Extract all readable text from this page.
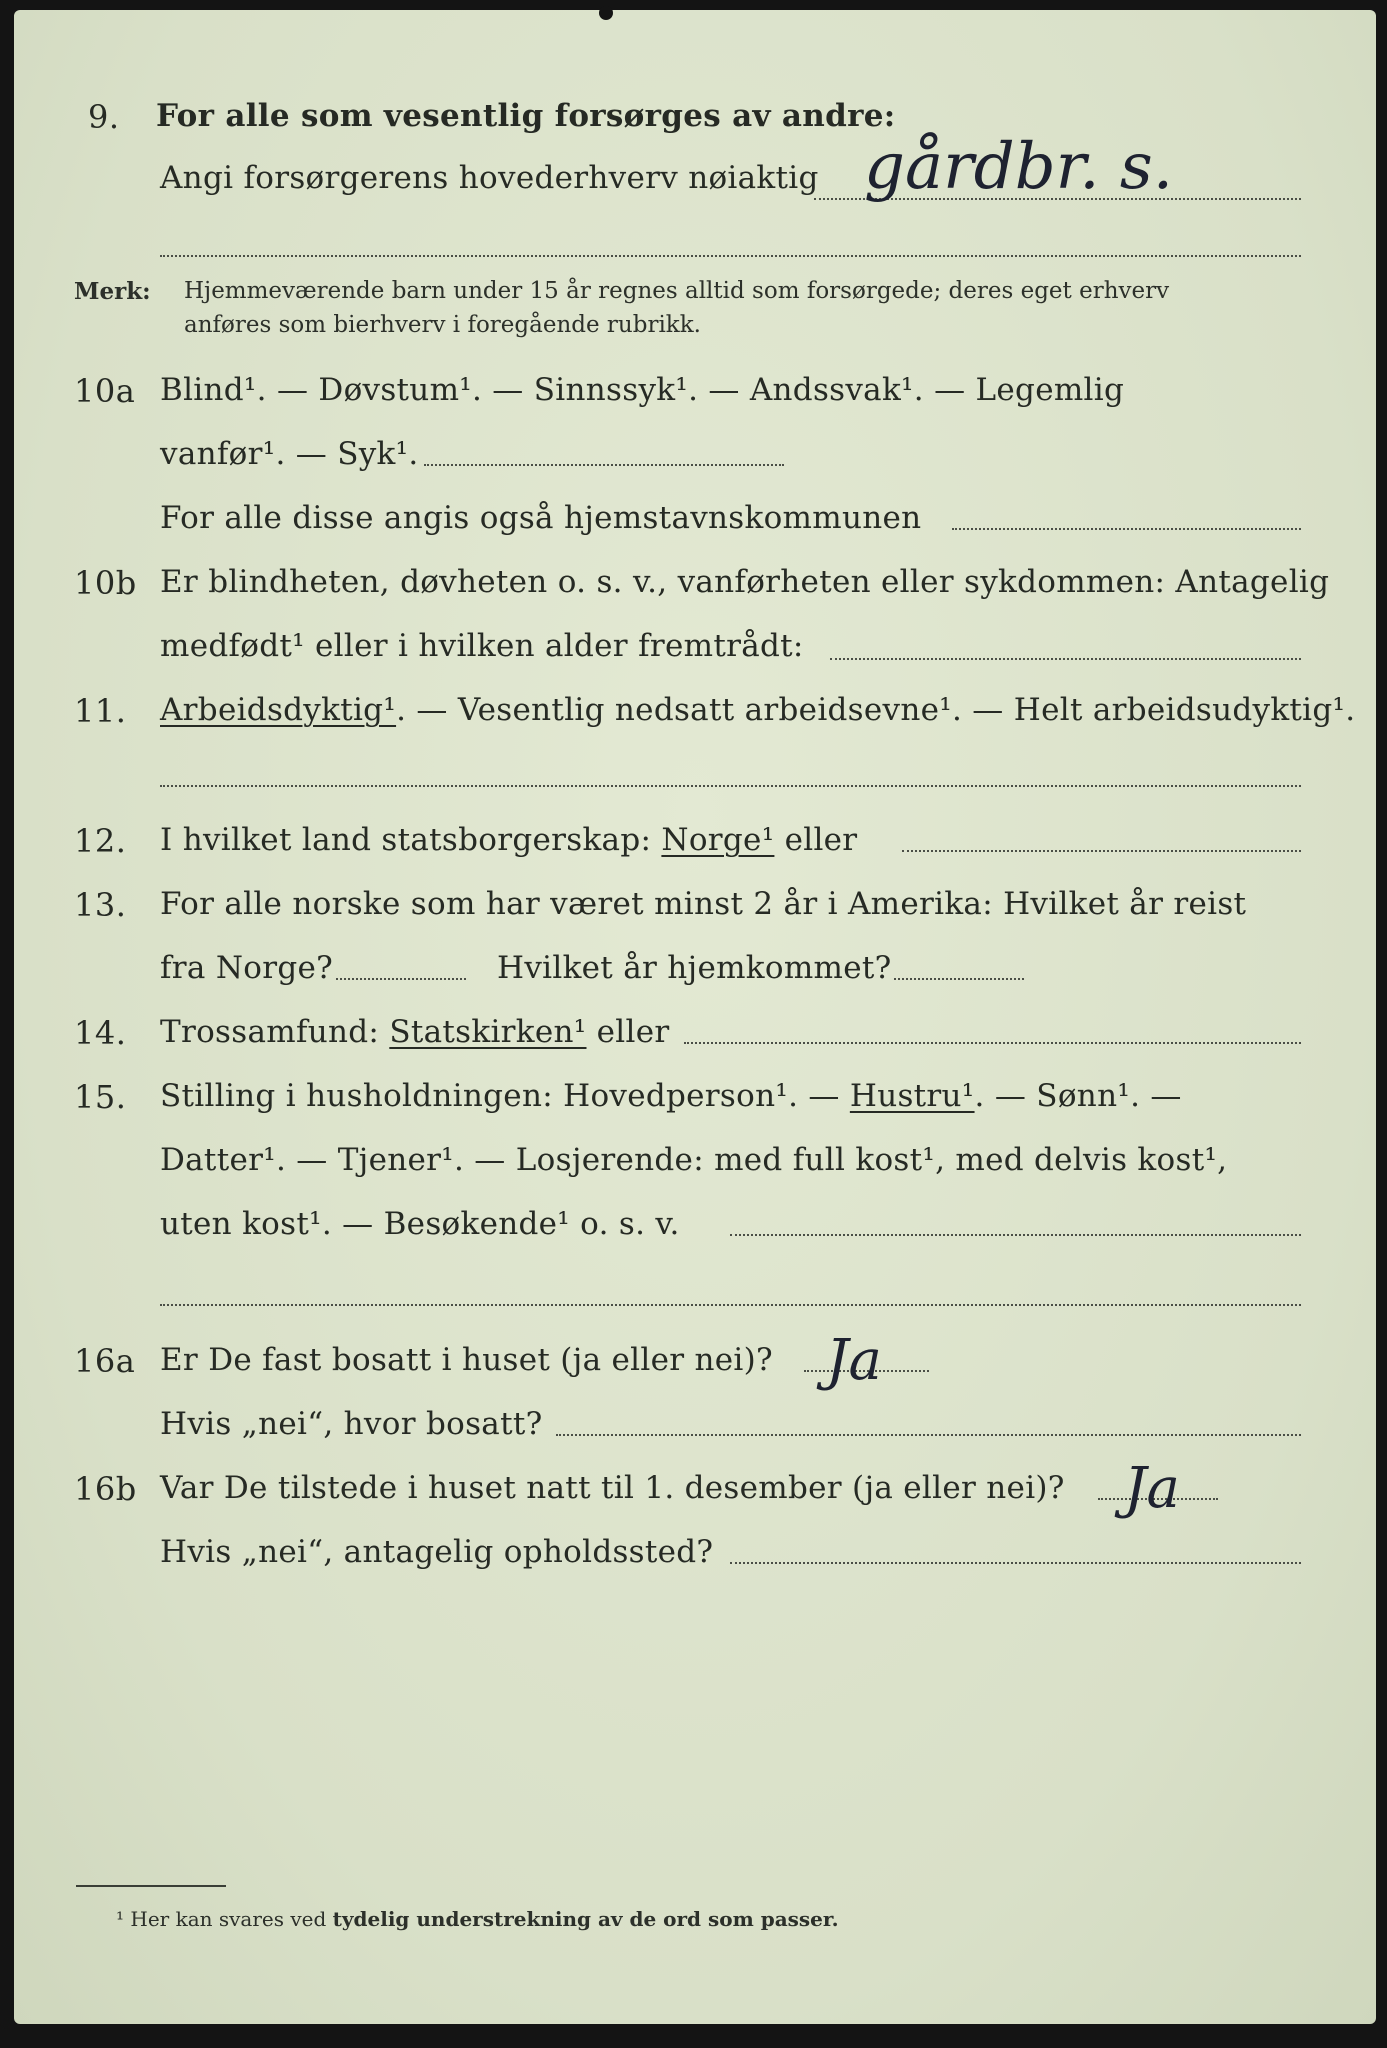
9. For alle som vesentlig forsørges av andre:
Angi forsørgerens hovederhverv nøiaktig gårdbr. s.
Merk: Hjemmeværende barn under 15 år regnes alltid som forsørgede; deres eget erhverv
anføres som bierhverv i foregående rubrikk.
10a Blind¹. — Døvstum¹. — Sinnssyk¹. — Andssvak¹. — Legemlig
vanfør¹. — Syk¹.
For alle disse angis også hjemstavnskommunen
10b Er blindheten, døvheten o. s. v., vanførheten eller sykdommen: Antagelig
medfødt¹ eller i hvilken alder fremtrådt:
11. Arbeidsdyktig¹. — Vesentlig nedsatt arbeidsevne¹. — Helt arbeidsudyktig¹.
12. I hvilket land statsborgerskap: Norge¹ eller
13. For alle norske som har været minst 2 år i Amerika: Hvilket år reist
fra Norge?	Hvilket år hjemkommet?
14. Trossamfund: Statskirken¹ eller
15. Stilling i husholdningen: Hovedperson¹. — Hustru¹. — Sønn¹. —
Datter¹. — Tjener¹. — Losjerende: med full kost¹, med delvis kost¹,
uten kost¹. — Besøkende¹ o. s. v.
16a Er De fast bosatt i huset (ja eller nei)? Ja
Hvis „nei“, hvor bosatt?
16b Var De tilstede i huset natt til 1. desember (ja eller nei)? Ja
Hvis „nei“, antagelig opholdssted?
¹ Her kan svares ved tydelig understrekning av de ord som passer.
